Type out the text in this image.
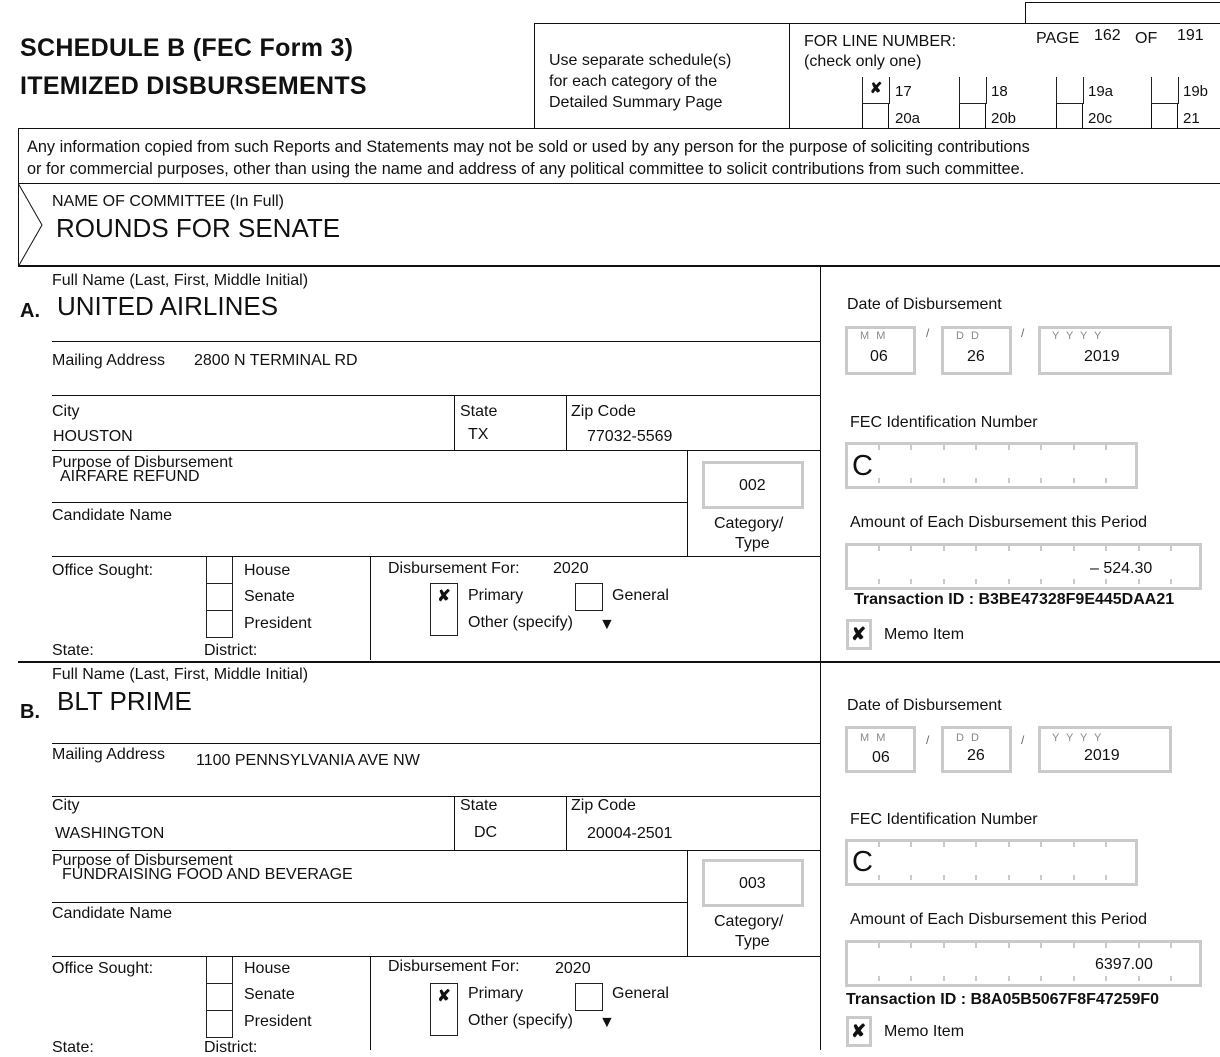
SCHEDULE B (FEC Form 3)
ITEMIZED DISBURSEMENTS
Use separate schedule(s)
for each category of the
Detailed Summary Page
FOR LINE NUMBER:
(check only one)
PAGE 162 OF 191
✘ 17	18	19a	19b
20a	20b	20c	21
Any information copied from such Reports and Statements may not be sold or used by any person for the purpose of soliciting contributions
or for commercial purposes, other than using the name and address of any political committee to solicit contributions from such committee.
NAME OF COMMITTEE (In Full)
ROUNDS FOR SENATE
A.
Full Name (Last, First, Middle Initial)
UNITED AIRLINES
Mailing Address 2800 N TERMINAL RD
City
HOUSTON
State
TX
Zip Code
77032-5569
Purpose of Disbursement
AIRFARE REFUND
Candidate Name
002
Category/
Type
Office Sought:	House
Senate
President
State:	District:
Disbursement For: 2020
✘	Primary	General
Other (specify) ▼
Date of Disbursement
M M
06
/ D D
26
/	Y Y Y Y
2019
FEC Identification Number
C
Amount of Each Disbursement this Period
– 524.30
Transaction ID : B3BE47328F9E445DAA21
✘ Memo Item
B.
Full Name (Last, First, Middle Initial)
BLT PRIME
Mailing Address 1100 PENNSYLVANIA AVE NW
City
WASHINGTON
State
DC
Zip Code
20004-2501
Purpose of Disbursement
FUNDRAISING FOOD AND BEVERAGE
Candidate Name
003
Category/
Type
Office Sought:	House
Senate
President
State:	District:
Disbursement For: 2020
✘	Primary	General
Other (specify) ▼
Date of Disbursement
M M
06
/ D D
26
/	Y Y Y Y
2019
FEC Identification Number
C
Amount of Each Disbursement this Period
6397.00
Transaction ID : B8A05B5067F8F47259F0
✘ Memo Item
